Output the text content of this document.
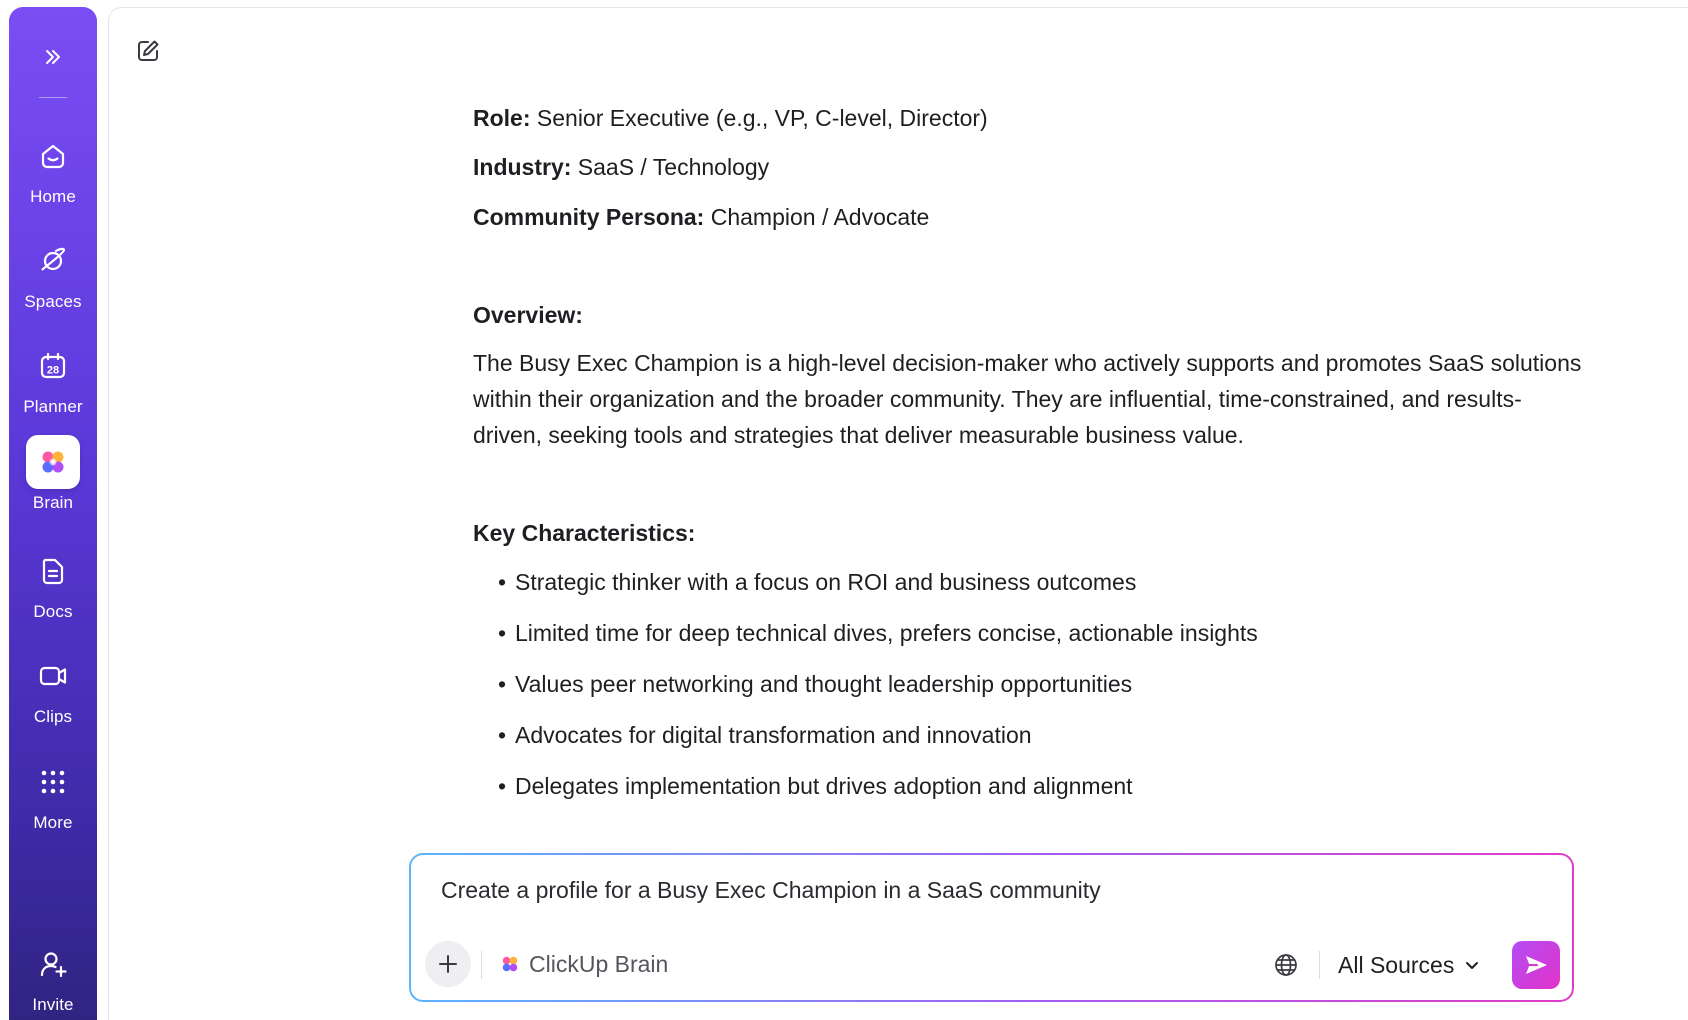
Home
Spaces
28
Planner
Brain
Docs
Clips
More
Invite
Role: Senior Executive (e.g., VP, C-level, Director)
Industry: SaaS / Technology
Community Persona: Champion / Advocate
Overview:
The Busy Exec Champion is a high-level decision-maker who actively supports and promotes SaaS solutions within their organization and the broader community. They are influential, time-constrained, and results-driven, seeking tools and strategies that deliver measurable business value.
Key Characteristics:
• Strategic thinker with a focus on ROI and business outcomes
• Limited time for deep technical dives, prefers concise, actionable insights
• Values peer networking and thought leadership opportunities
• Advocates for digital transformation and innovation
• Delegates implementation but drives adoption and alignment
Create a profile for a Busy Exec Champion in a SaaS community
ClickUp Brain	All Sources
